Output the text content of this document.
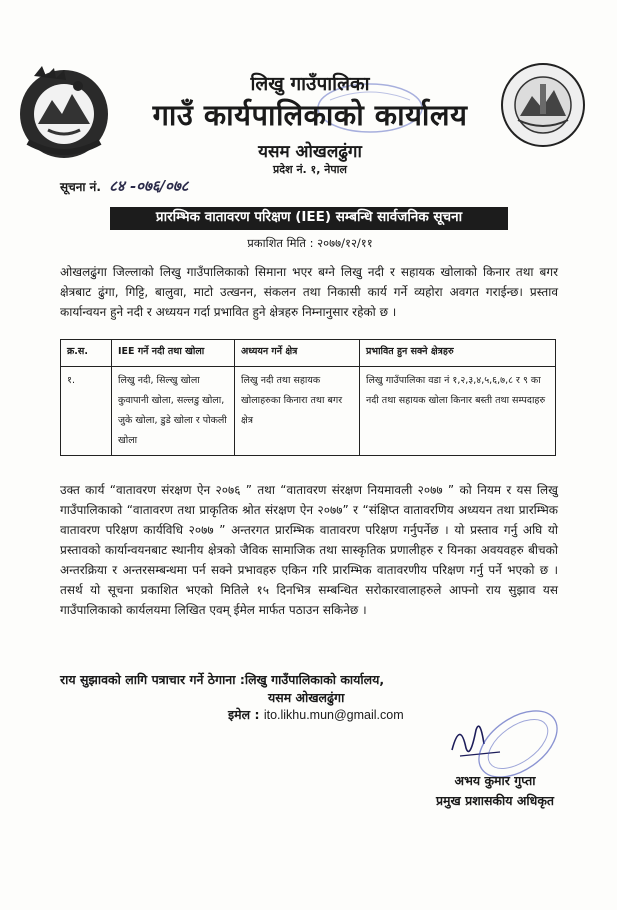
लिखु गाउँपालिका
गाउँ कार्यपालिकाको कार्यालय
यसम ओखलढुंगा
प्रदेश नं. १, नेपाल
सूचना नं. ८४ -०७६/०७८
प्रारम्भिक वातावरण परिक्षण (IEE) सम्बन्धि सार्वजनिक सूचना
प्रकाशित मिति : २०७७/१२/११
ओखलढुंगा जिल्लाको लिखु गाउँपालिकाको सिमाना भएर बग्ने लिखु नदी र सहायक खोलाको किनार तथा बगर क्षेत्रबाट ढुंगा, गिट्टि, बालुवा, माटो उत्खनन, संकलन तथा निकासी कार्य गर्ने व्यहोरा अवगत गराईन्छ। प्रस्ताव कार्यान्वयन हुने नदी र अध्ययन गर्दा प्रभावित हुने क्षेत्रहरु निम्नानुसार रहेको छ ।
क्र.स.	IEE गर्ने नदी तथा खोला	अध्ययन गर्ने क्षेत्र	प्रभावित हुन सक्ने क्षेत्रहरु
१.	लिखु नदी, सिल्खु खोला कुवापानी खोला, सल्लडु खोला, जुके खोला, डुडे खोला र पोकली खोला	लिखु नदी तथा सहायक खोलाहरुका किनारा तथा बगर क्षेत्र	लिखु गाउँपालिका वडा नं १,२,३,४,५,६,७,८ र ९ का नदी तथा सहायक खोला किनार बस्ती तथा सम्पदाहरु
उक्त कार्य “वातावरण संरक्षण ऐन २०७६ ” तथा “वातावरण संरक्षण नियमावली २०७७ ” को नियम र यस लिखु गाउँपालिकाको “वातावरण तथा प्राकृतिक श्रोत संरक्षण ऐन २०७७” र “संक्षिप्त वातावरणिय अध्ययन तथा प्रारम्भिक वातावरण परिक्षण कार्यविधि २०७७ ” अन्तरगत प्रारम्भिक वातावरण परिक्षण गर्नुपर्नेछ । यो प्रस्ताव गर्नु अघि यो प्रस्तावको कार्यान्वयनबाट स्थानीय क्षेत्रको जैविक सामाजिक तथा सास्कृतिक प्रणालीहरु र यिनका अवयवहरु बीचको अन्तरक्रिया र अन्तरसम्बन्धमा पर्न सक्ने प्रभावहरु एकिन गरि प्रारम्भिक वातावरणीय परिक्षण गर्नु पर्ने भएको छ । तसर्थ यो सूचना प्रकाशित भएको मितिले १५ दिनभित्र सम्बन्धित सरोकारवालाहरुले आफ्नो राय सुझाव यस गाउँपालिकाको कार्यलयमा लिखित एवम् ईमेल मार्फत पठाउन सकिनेछ ।
राय सुझावको लागि पत्राचार गर्ने ठेगाना :लिखु गाउँपालिकाको कार्यालय,
यसम ओखलढुंगा
इमेल : ito.likhu.mun@gmail.com
अभय कुमार गुप्ता
प्रमुख प्रशासकीय अधिकृत
